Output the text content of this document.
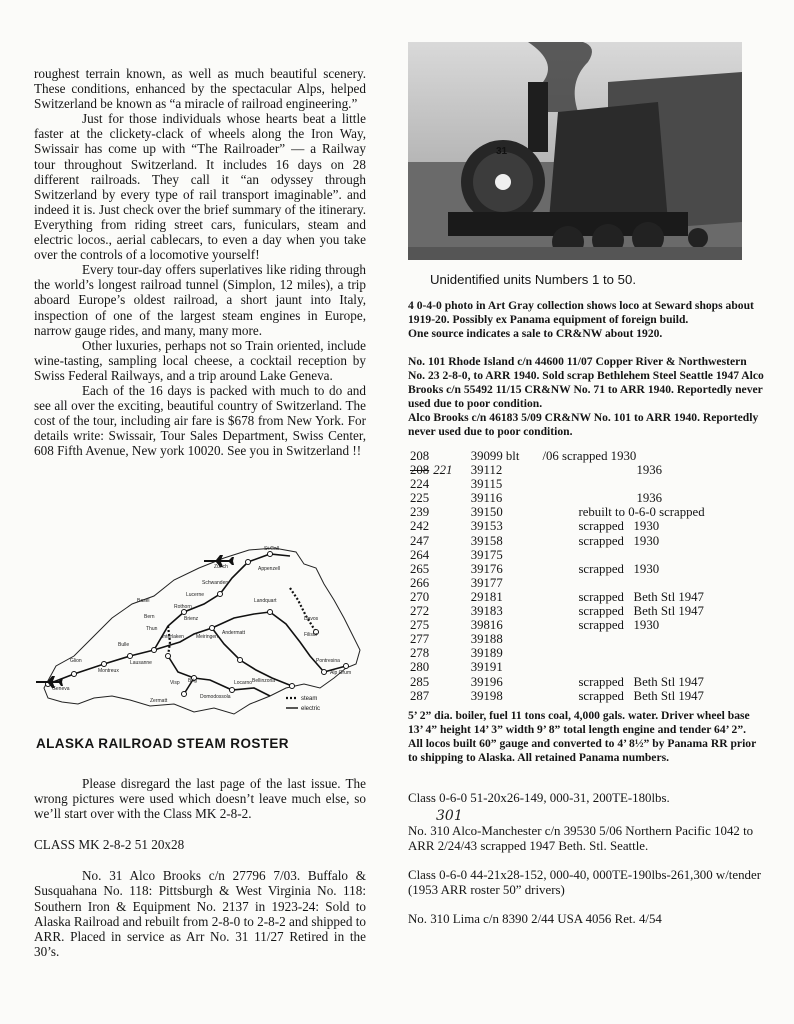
roughest terrain known, as well as much beautiful scenery. These conditions, enhanced by the spectacular Alps, helped Switzerland be known as “a miracle of railroad engineering.”

Just for those individuals whose hearts beat a little faster at the clickety-clack of wheels along the Iron Way, Swissair has come up with “The Railroader” — a Railway tour throughout Switzerland. It includes 16 days on 28 different railroads. They call it “an odyssey through Switzerland by every type of rail transport imaginable”. and indeed it is. Just check over the brief summary of the itinerary. Everything from riding street cars, funiculars, steam and electric locos., aerial cablecars, to even a day when you take over the controls of a locomotive yourself!

Every tour-day offers superlatives like riding through the world’s longest railroad tunnel (Simplon, 12 miles), a trip aboard Europe’s oldest railroad, a short jaunt into Italy, inspection of one of the largest steam engines in Europe, narrow gauge rides, and many, many more.

Other luxuries, perhaps not so Train oriented, include wine-tasting, sampling local cheese, a cocktail reception by Swiss Federal Railways, and a trip around Lake Geneva.

Each of the 16 days is packed with much to do and see all over the exciting, beautiful country of Switzerland. The cost of the tour, including air fare is $678 from New York. For details write: Swissair, Tour Sales Department, Swiss Center, 608 Fifth Avenue, New york 10020. See you in Switzerland !!

St.Gall
Zurich	Appenzell
Schwanden
Lucerne
Landquart
Basel
Bern
Rothorn
Thun
Brienz
Interlaken Meiringen
Andermatt
Davos
Filisur
Glion
Bulle
Montreux
Geneva
Lausanne
Zermatt
Brig
Visp	Locarno Bellinzona
Domodossola
Alp Grum
Pontresina
steam
electric
ALASKA RAILROAD STEAM ROSTER

Please disregard the last page of the last issue. The wrong pictures were used which doesn’t leave much else, so we’ll start over with the Class MK 2-8-2.

CLASS MK 2-8-2 51 20x28

No. 31 Alco Brooks c/n 27796 7/03. Buffalo & Susquahana No. 118: Pittsburgh & West Virginia No. 118: Southern Iron & Equipment No. 2137 in 1923-24: Sold to Alaska Railroad and rebuilt from 2-8-0 to 2-8-2 and shipped to ARR. Placed in service as Arr No. 31 11/27 Retired in the 30’s.

31
Unidentified units Numbers 1 to 50.

4 0-4-0 photo in Art Gray collection shows loco at Seward shops about 1919-20. Possibly ex Panama equipment of foreign build.

One source indicates a sale to CR&NW about 1920.

No. 101 Rhode Island c/n 44600 11/07 Copper River & Northwestern No. 23 2-8-0, to ARR 1940. Sold scrap Bethlehem Steel Seattle 1947 Alco Brooks c/n 55492 11/15 CR&NW No. 71 to ARR 1940. Reportedly never used due to poor condition.

Alco Brooks c/n 46183 5/09 CR&NW No. 101 to ARR 1940. Reportedly never used due to poor condition.

208	39099 blt	/06 scrapped 1930
208 221	39112	1936
224	39115	
225	39116	1936
239	39150	rebuilt to 0-6-0 scrapped
242	39153	scrapped   1930
247	39158	scrapped   1930
264	39175	
265	39176	scrapped   1930
266	39177	
270	29181	scrapped   Beth Stl 1947
272	39183	scrapped   Beth Stl 1947
275	39816	scrapped   1930
277	39188	
278	39189	
280	39191	
285	39196	scrapped   Beth Stl 1947
287	39198	scrapped   Beth Stl 1947

5’ 2” dia. boiler, fuel 11 tons coal, 4,000 gals. water. Driver wheel base 13’ 4” height 14’ 3” width 9’ 8” total length engine and tender 64’ 2”.

All locos built 60” gauge and converted to 4’ 8½” by Panama RR prior to shipping to Alaska. All retained Panama numbers.

Class 0-6-0 51-20x26-149, 000-31, 200TE-180lbs.

301

No. 310 Alco-Manchester c/n 39530 5/06 Northern Pacific 1042 to ARR 2/24/43 scrapped 1947 Beth. Stl. Seattle.

Class 0-6-0 44-21x28-152, 000-40, 000TE-190lbs-261,300 w/tender (1953 ARR roster 50” drivers)

No. 310 Lima c/n 8390 2/44 USA 4056 Ret. 4/54
